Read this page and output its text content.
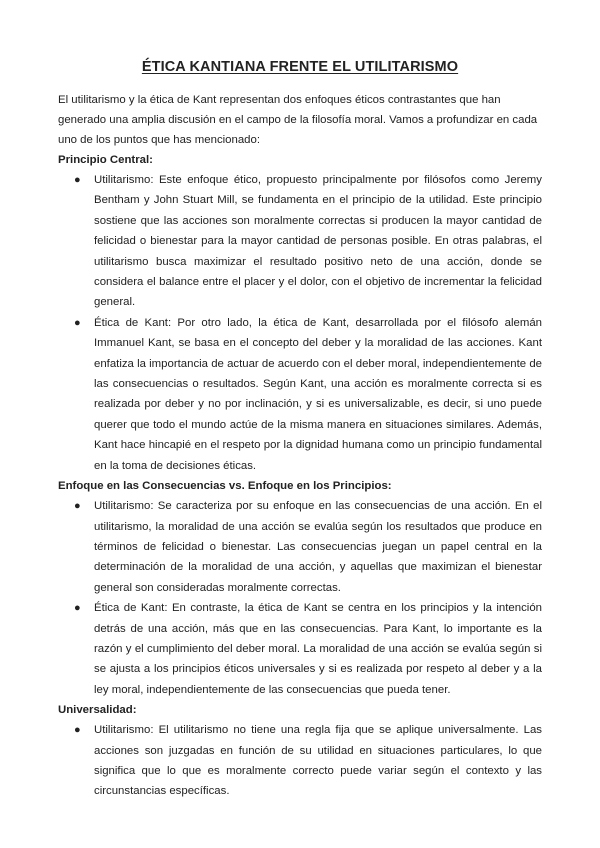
ÉTICA KANTIANA FRENTE EL UTILITARISMO

El utilitarismo y la ética de Kant representan dos enfoques éticos contrastantes que han generado una amplia discusión en el campo de la filosofía moral. Vamos a profundizar en cada uno de los puntos que has mencionado:

Principio Central:

● Utilitarismo: Este enfoque ético, propuesto principalmente por filósofos como Jeremy Bentham y John Stuart Mill, se fundamenta en el principio de la utilidad. Este principio sostiene que las acciones son moralmente correctas si producen la mayor cantidad de felicidad o bienestar para la mayor cantidad de personas posible. En otras palabras, el utilitarismo busca maximizar el resultado positivo neto de una acción, donde se considera el balance entre el placer y el dolor, con el objetivo de incrementar la felicidad general.
● Ética de Kant: Por otro lado, la ética de Kant, desarrollada por el filósofo alemán Immanuel Kant, se basa en el concepto del deber y la moralidad de las acciones. Kant enfatiza la importancia de actuar de acuerdo con el deber moral, independientemente de las consecuencias o resultados. Según Kant, una acción es moralmente correcta si es realizada por deber y no por inclinación, y si es universalizable, es decir, si uno puede querer que todo el mundo actúe de la misma manera en situaciones similares. Además, Kant hace hincapié en el respeto por la dignidad humana como un principio fundamental en la toma de decisiones éticas.

Enfoque en las Consecuencias vs. Enfoque en los Principios:

● Utilitarismo: Se caracteriza por su enfoque en las consecuencias de una acción. En el utilitarismo, la moralidad de una acción se evalúa según los resultados que produce en términos de felicidad o bienestar. Las consecuencias juegan un papel central en la determinación de la moralidad de una acción, y aquellas que maximizan el bienestar general son consideradas moralmente correctas.
● Ética de Kant: En contraste, la ética de Kant se centra en los principios y la intención detrás de una acción, más que en las consecuencias. Para Kant, lo importante es la razón y el cumplimiento del deber moral. La moralidad de una acción se evalúa según si se ajusta a los principios éticos universales y si es realizada por respeto al deber y a la ley moral, independientemente de las consecuencias que pueda tener.

Universalidad:

● Utilitarismo: El utilitarismo no tiene una regla fija que se aplique universalmente. Las acciones son juzgadas en función de su utilidad en situaciones particulares, lo que significa que lo que es moralmente correcto puede variar según el contexto y las circunstancias específicas.
